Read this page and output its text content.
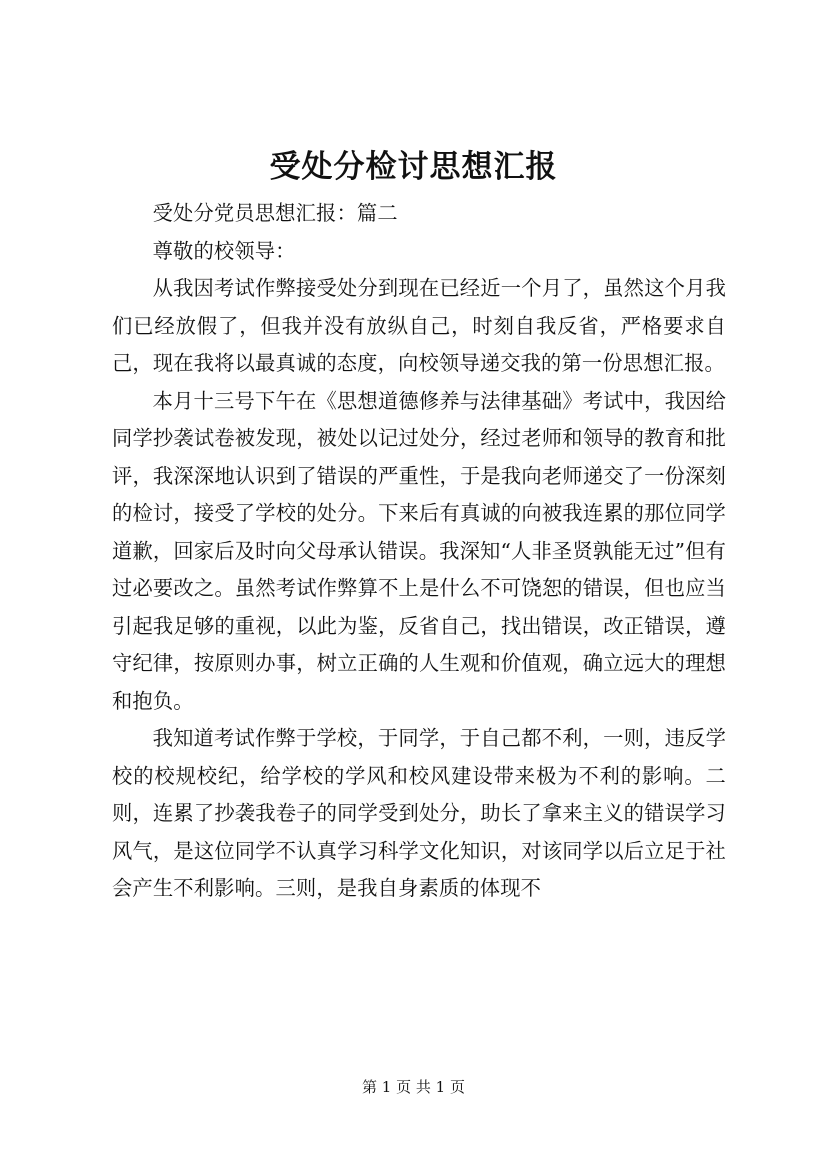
受处分检讨思想汇报

受处分党员思想汇报：篇二

尊敬的校领导：

从我因考试作弊接受处分到现在已经近一个月了，虽然这个月我们已经放假了，但我并没有放纵自己，时刻自我反省，严格要求自己，现在我将以最真诚的态度，向校领导递交我的第一份思想汇报。

本月十三号下午在《思想道德修养与法律基础》考试中，我因给同学抄袭试卷被发现，被处以记过处分，经过老师和领导的教育和批评，我深深地认识到了错误的严重性，于是我向老师递交了一份深刻的检讨，接受了学校的处分。下来后有真诚的向被我连累的那位同学道歉，回家后及时向父母承认错误。我深知“人非圣贤孰能无过”但有过必要改之。虽然考试作弊算不上是什么不可饶恕的错误，但也应当引起我足够的重视，以此为鉴，反省自己，找出错误，改正错误，遵守纪律，按原则办事，树立正确的人生观和价值观，确立远大的理想和抱负。

我知道考试作弊于学校，于同学，于自己都不利，一则，违反学校的校规校纪，给学校的学风和校风建设带来极为不利的影响。二则，连累了抄袭我卷子的同学受到处分，助长了拿来主义的错误学习风气，是这位同学不认真学习科学文化知识，对该同学以后立足于社会产生不利影响。三则，是我自身素质的体现不

第 1 页 共 1 页
